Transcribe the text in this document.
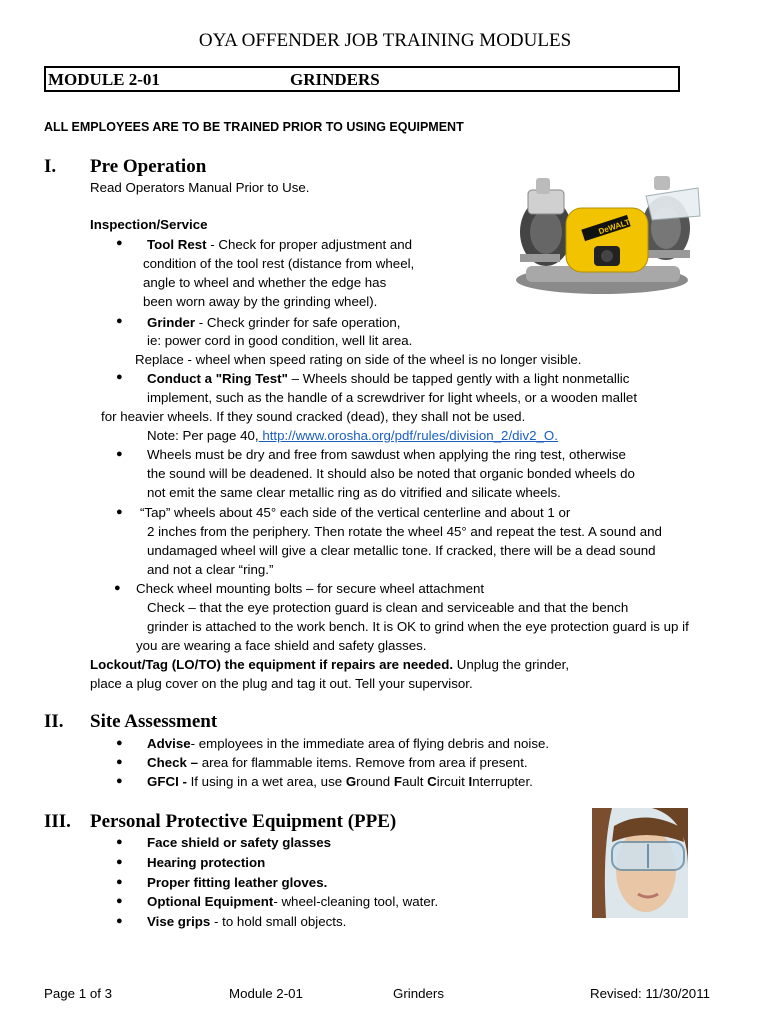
OYA OFFENDER JOB TRAINING MODULES
MODULE 2-01	GRINDERS
ALL EMPLOYEES ARE TO BE TRAINED PRIOR TO USING EQUIPMENT
I. Pre Operation
Read Operators Manual Prior to Use.
Inspection/Service
● Tool Rest - Check for proper adjustment and
condition of the tool rest (distance from wheel,
angle to wheel and whether the edge has
been worn away by the grinding wheel).
● Grinder - Check grinder for safe operation,
ie: power cord in good condition, well lit area.
Replace - wheel when speed rating on side of the wheel is no longer visible.
● Conduct a "Ring Test" – Wheels should be tapped gently with a light nonmetallic
implement, such as the handle of a screwdriver for light wheels, or a wooden mallet
for heavier wheels. If they sound cracked (dead), they shall not be used.
Note: Per page 40, http://www.orosha.org/pdf/rules/division_2/div2_O.
● Wheels must be dry and free from sawdust when applying the ring test, otherwise
the sound will be deadened. It should also be noted that organic bonded wheels do
not emit the same clear metallic ring as do vitrified and silicate wheels.
● “Tap” wheels about 45° each side of the vertical centerline and about 1 or
2 inches from the periphery. Then rotate the wheel 45° and repeat the test. A sound and
undamaged wheel will give a clear metallic tone. If cracked, there will be a dead sound
and not a clear “ring.”
● Check wheel mounting bolts – for secure wheel attachment
Check – that the eye protection guard is clean and serviceable and that the bench
grinder is attached to the work bench. It is OK to grind when the eye protection guard is up if
you are wearing a face shield and safety glasses.
Lockout/Tag (LO/TO) the equipment if repairs are needed. Unplug the grinder,
place a plug cover on the plug and tag it out. Tell your supervisor.
DeWALT
II. Site Assessment
● Advise- employees in the immediate area of flying debris and noise.
● Check – area for flammable items. Remove from area if present.
● GFCI - If using in a wet area, use Ground Fault Circuit Interrupter.
III. Personal Protective Equipment (PPE)
● Face shield or safety glasses
● Hearing protection
● Proper fitting leather gloves.
● Optional Equipment- wheel-cleaning tool, water.
● Vise grips - to hold small objects.
Page 1 of 3	Module 2-01	Grinders	Revised: 11/30/2011
